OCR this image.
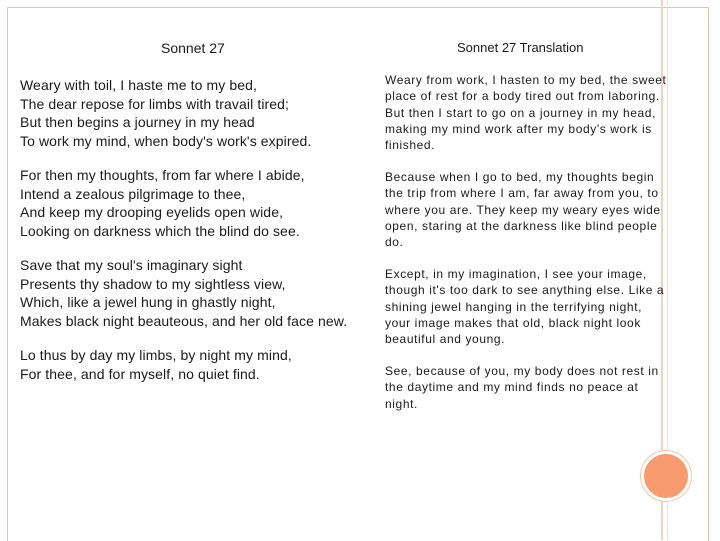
Sonnet 27	Sonnet 27 Translation
Weary with toil, I haste me to my bed,
The dear repose for limbs with travail tired;
But then begins a journey in my head
To work my mind, when body's work's expired.
For then my thoughts, from far where I abide,
Intend a zealous pilgrimage to thee,
And keep my drooping eyelids open wide,
Looking on darkness which the blind do see.
Save that my soul's imaginary sight
Presents thy shadow to my sightless view,
Which, like a jewel hung in ghastly night,
Makes black night beauteous, and her old face new.
Lo thus by day my limbs, by night my mind,
For thee, and for myself, no quiet find.
Weary from work, I hasten to my bed, the sweet
place of rest for a body tired out from laboring.
But then I start to go on a journey in my head,
making my mind work after my body's work is
finished.
Because when I go to bed, my thoughts begin
the trip from where I am, far away from you, to
where you are. They keep my weary eyes wide
open, staring at the darkness like blind people
do.
Except, in my imagination, I see your image,
though it's too dark to see anything else. Like a
shining jewel hanging in the terrifying night,
your image makes that old, black night look
beautiful and young.
See, because of you, my body does not rest in
the daytime and my mind finds no peace at
night.
